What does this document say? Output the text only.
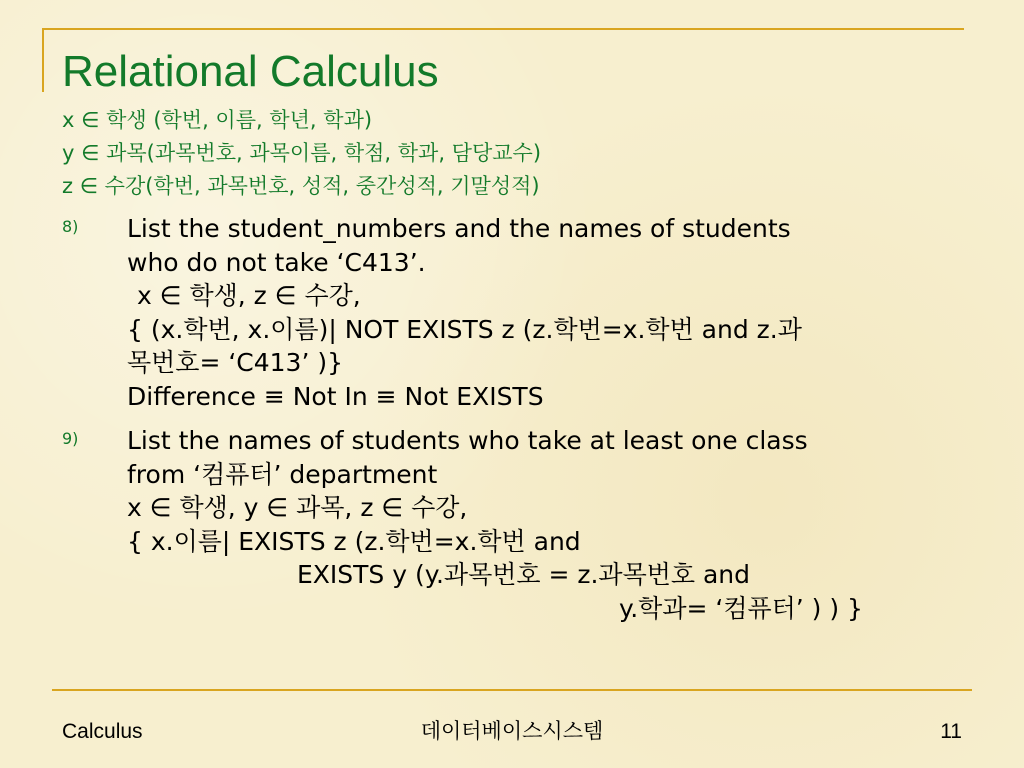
Relational Calculus
x ∈ 학생 (학번, 이름, 학년, 학과)
y ∈ 과목(과목번호, 과목이름, 학점, 학과, 담당교수)
z ∈ 수강(학번, 과목번호, 성적, 중간성적, 기말성적)
8) List the student_numbers and the names of students
who do not take ‘C413’.
x ∈ 학생, z ∈ 수강,
{ (x.학번, x.이름)| NOT EXISTS z (z.학번=x.학번 and z.과
목번호= ‘C413’ )}
Difference ≡ Not In ≡ Not EXISTS
9) List the names of students who take at least one class
from ‘컴퓨터’ department
x ∈ 학생, y ∈ 과목, z ∈ 수강,
{ x.이름| EXISTS z (z.학번=x.학번 and
EXISTS y (y.과목번호 = z.과목번호 and
y.학과= ‘컴퓨터’ ) ) }
Calculus	데이터베이스시스템	11
